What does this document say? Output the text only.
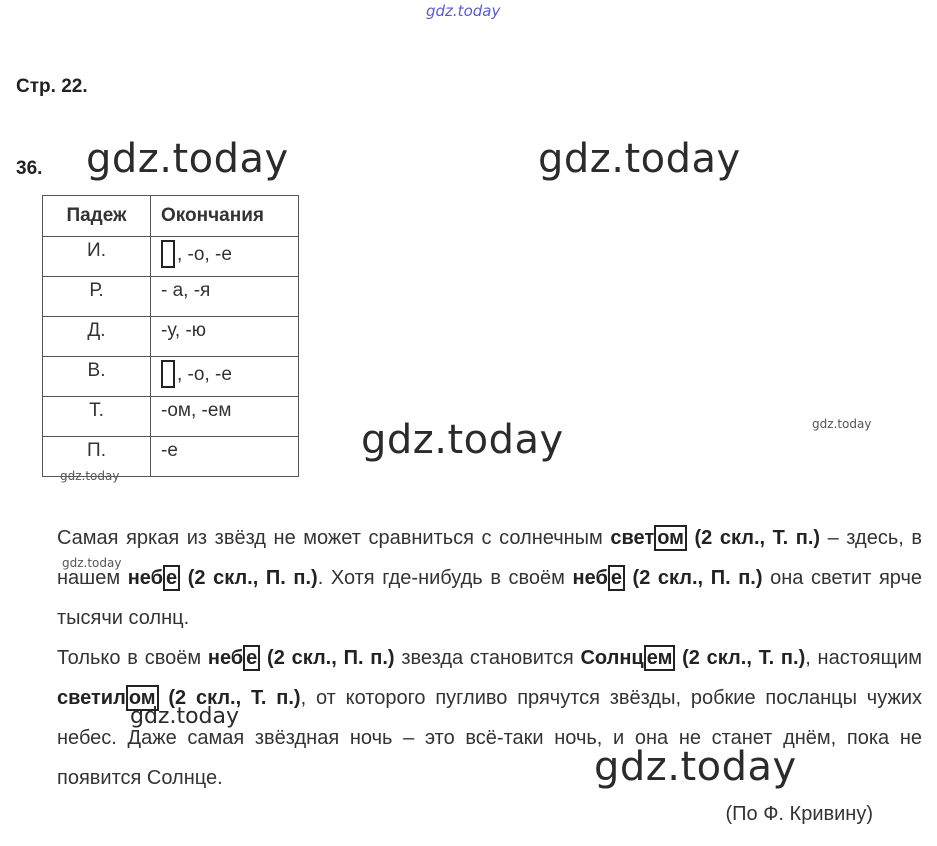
gdz.today
gdz.today	gdz.today
gdz.today
gdz.today
gdz.today
gdz.today
gdz.today
gdz.today
Стр. 22.
36.
Падеж	Окончания
И.	, -о, -е
Р.	- а, -я
Д.	-у, -ю
В.	, -о, -е
Т.	-ом, -ем
П.	-е

Самая яркая из звёзд не может сравниться с солнечным свет ом (2 скл., Т. п.) – здесь, в нашем неб е (2 скл., П. п.). Хотя где-нибудь в своём неб е (2 скл., П. п.) она светит ярче тысячи солнц.

Только в своём неб е (2 скл., П. п.) звезда становится Солнц ем (2 скл., Т. п.), настоящим светил ом (2 скл., Т. п.), от которого пугливо прячутся звёзды, робкие посланцы чужих небес. Даже самая звёздная ночь – это всё-таки ночь, и она не станет днём, пока не появится Солнце.

(По Ф. Кривину)
